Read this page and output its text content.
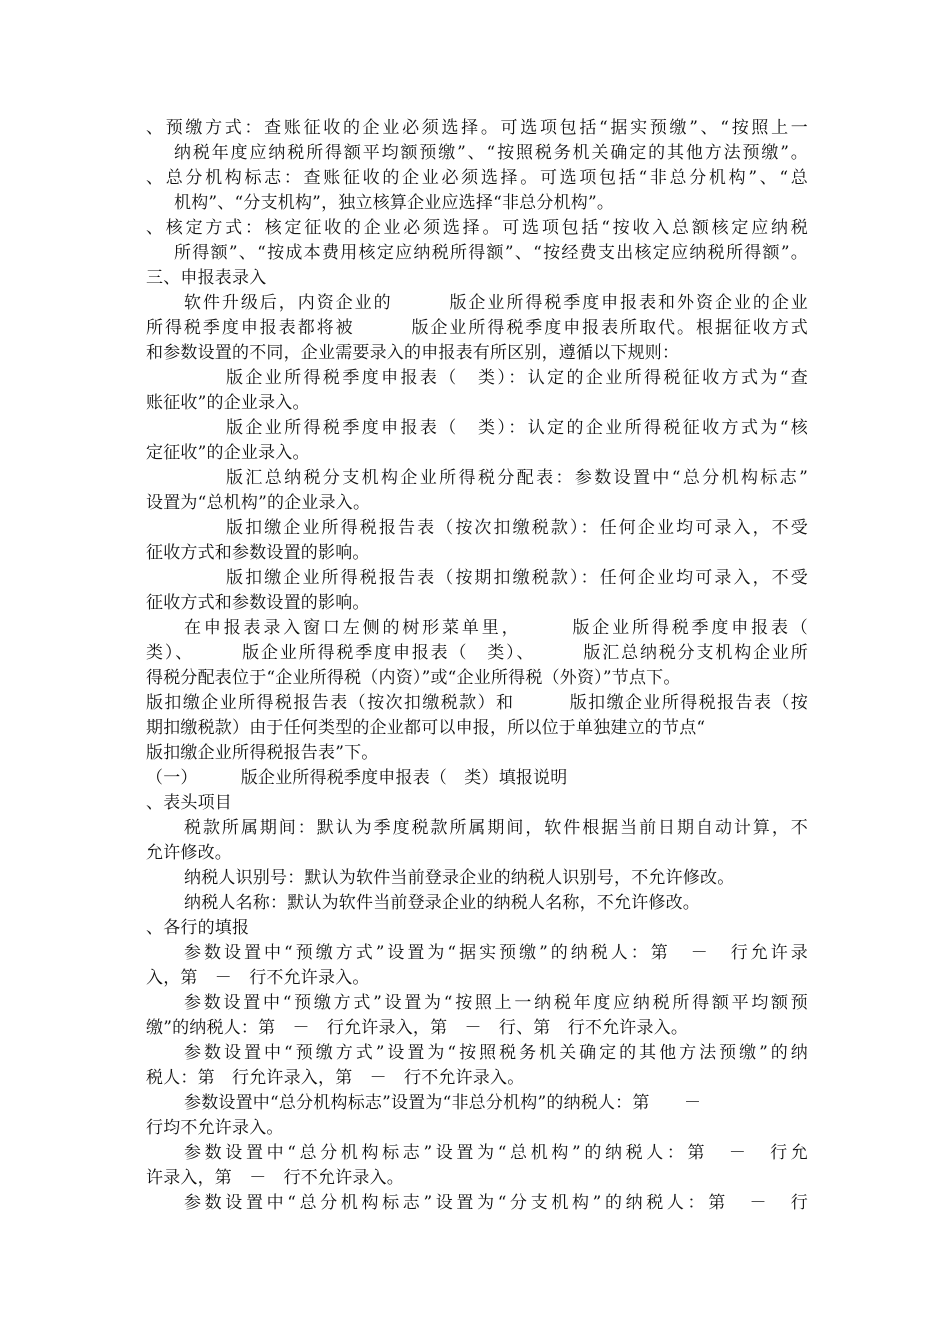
、预缴方式：查账征收的企业必须选择。可选项包括“据实预缴”、“按照上一
纳税年度应纳税所得额平均额预缴”、“按照税务机关确定的其他方法预缴”。
、总分机构标志：查账征收的企业必须选择。可选项包括“非总分机构”、“总
机构”、“分支机构”，独立核算企业应选择“非总分机构”。
、核定方式：核定征收的企业必须选择。可选项包括“按收入总额核定应纳税
所得额”、“按成本费用核定应纳税所得额”、“按经费支出核定应纳税所得额”。
三、申报表录入
软件升级后，内资企业的　　　版企业所得税季度申报表和外资企业的企业
所得税季度申报表都将被　　　版企业所得税季度申报表所取代。根据征收方式
和参数设置的不同，企业需要录入的申报表有所区别，遵循以下规则：
版企业所得税季度申报表（　类）：认定的企业所得税征收方式为“查
账征收”的企业录入。
版企业所得税季度申报表（　类）：认定的企业所得税征收方式为“核
定征收”的企业录入。
版汇总纳税分支机构企业所得税分配表：参数设置中“总分机构标志”
设置为“总机构”的企业录入。
版扣缴企业所得税报告表（按次扣缴税款）：任何企业均可录入，不受
征收方式和参数设置的影响。
版扣缴企业所得税报告表（按期扣缴税款）：任何企业均可录入，不受
征收方式和参数设置的影响。
在申报表录入窗口左侧的树形菜单里，　　　版企业所得税季度申报表（
类）、　　　版企业所得税季度申报表（　类）、　　　版汇总纳税分支机构企业所
得税分配表位于“企业所得税（内资）”或“企业所得税（外资）”节点下。
版扣缴企业所得税报告表（按次扣缴税款）和　　　版扣缴企业所得税报告表（按
期扣缴税款）由于任何类型的企业都可以申报，所以位于单独建立的节点“
版扣缴企业所得税报告表”下。
（一）　　　版企业所得税季度申报表（　类）填报说明
、表头项目
税款所属期间：默认为季度税款所属期间，软件根据当前日期自动计算，不
允许修改。
纳税人识别号：默认为软件当前登录企业的纳税人识别号，不允许修改。
纳税人名称：默认为软件当前登录企业的纳税人名称，不允许修改。
、各行的填报
参数设置中“预缴方式”设置为“据实预缴”的纳税人：第　－　行允许录
入，第　－　行不允许录入。
参数设置中“预缴方式”设置为“按照上一纳税年度应纳税所得额平均额预
缴”的纳税人：第　－　行允许录入，第　－　行、第　行不允许录入。
参数设置中“预缴方式”设置为“按照税务机关确定的其他方法预缴”的纳
税人：第　行允许录入，第　－　行不允许录入。
参数设置中“总分机构标志”设置为“非总分机构”的纳税人：第　　－
行均不允许录入。
参数设置中“总分机构标志”设置为“总机构”的纳税人：第　－　行允
许录入，第　－　行不允许录入。
参数设置中“总分机构标志”设置为“分支机构”的纳税人：第　－　行
